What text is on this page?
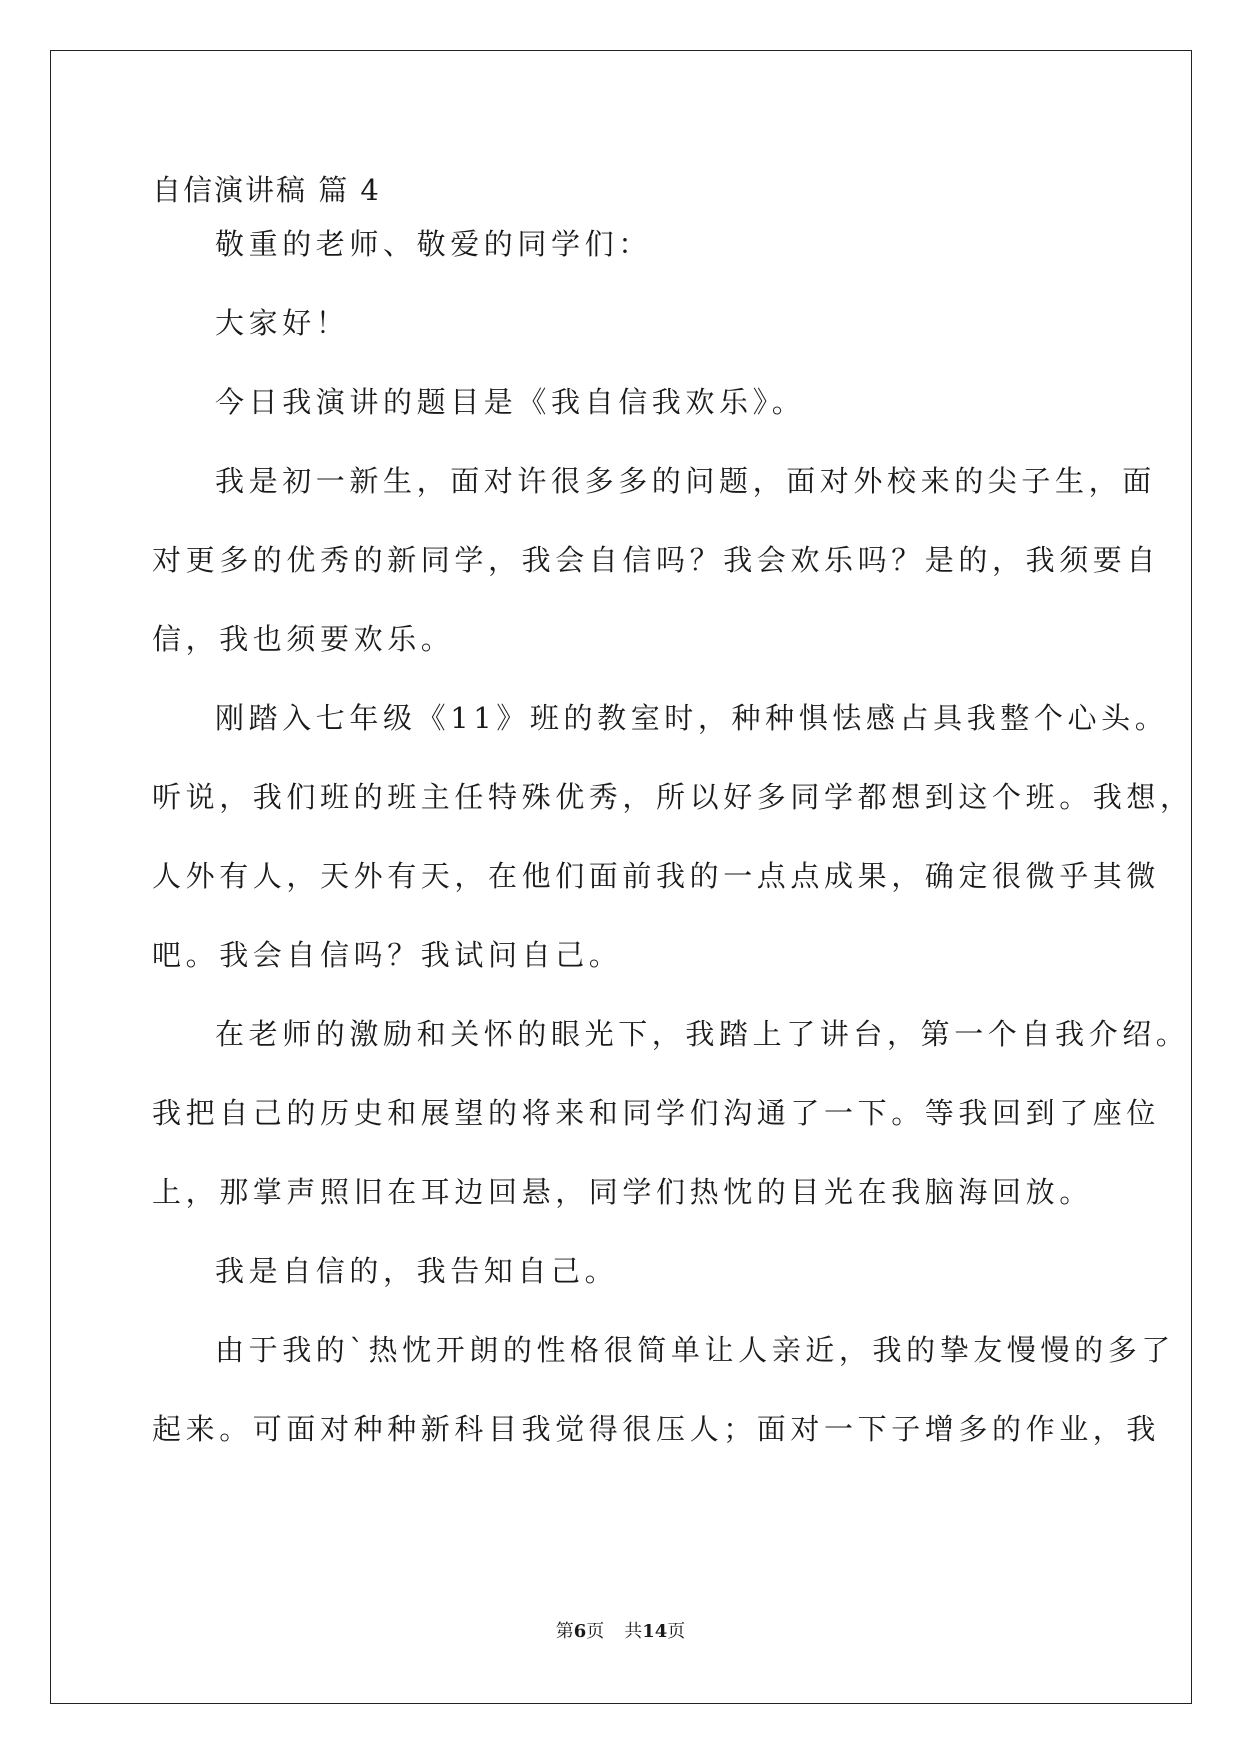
自信演讲稿 篇 4
敬重的老师、敬爱的同学们：
大家好！
今日我演讲的题目是《我自信我欢乐》。
我是初一新生，面对许很多多的问题，面对外校来的尖子生，面
对更多的优秀的新同学，我会自信吗？我会欢乐吗？是的，我须要自
信，我也须要欢乐。
刚踏入七年级《11》班的教室时，种种惧怯感占具我整个心头。
听说，我们班的班主任特殊优秀，所以好多同学都想到这个班。我想，
人外有人，天外有天，在他们面前我的一点点成果，确定很微乎其微
吧。我会自信吗？我试问自己。
在老师的激励和关怀的眼光下，我踏上了讲台，第一个自我介绍。
我把自己的历史和展望的将来和同学们沟通了一下。等我回到了座位
上，那掌声照旧在耳边回悬，同学们热忱的目光在我脑海回放。
我是自信的，我告知自己。
由于我的`热忱开朗的性格很简单让人亲近，我的挚友慢慢的多了
起来。可面对种种新科目我觉得很压人；面对一下子增多的作业，我
第6页 共14页
